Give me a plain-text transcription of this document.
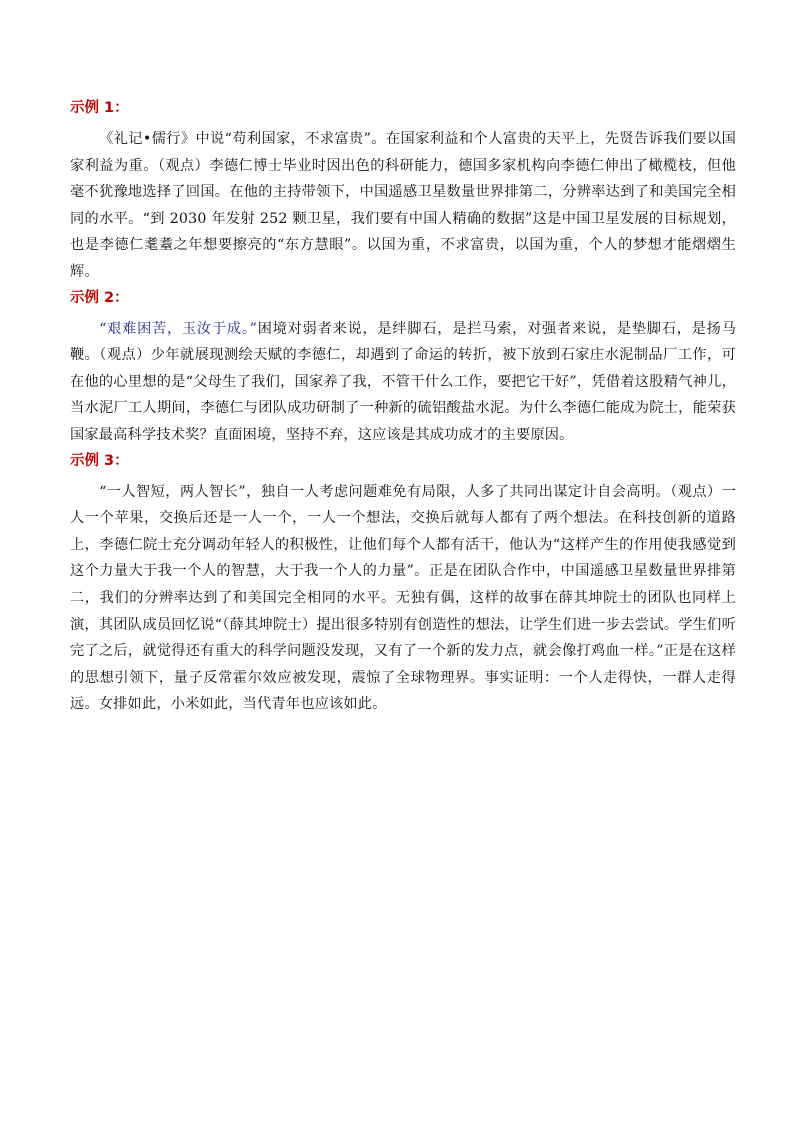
示例 1：

《礼记•儒行》中说“苟利国家，不求富贵”。在国家利益和个人富贵的天平上，先贤告诉我们要以国家利益为重。（观点）李德仁博士毕业时因出色的科研能力，德国多家机构向李德仁伸出了橄榄枝，但他毫不犹豫地选择了回国。在他的主持带领下，中国遥感卫星数量世界排第二，分辨率达到了和美国完全相同的水平。“到 2030 年发射 252 颗卫星，我们要有中国人精确的数据”这是中国卫星发展的目标规划，也是李德仁耄耋之年想要擦亮的“东方慧眼”。以国为重，不求富贵，以国为重，个人的梦想才能熠熠生辉。

示例 2：

“艰难困苦，玉汝于成。”困境对弱者来说，是绊脚石，是拦马索，对强者来说，是垫脚石，是扬马鞭。（观点）少年就展现测绘天赋的李德仁，却遇到了命运的转折，被下放到石家庄水泥制品厂工作，可在他的心里想的是“父母生了我们，国家养了我，不管干什么工作，要把它干好”，凭借着这股精气神儿，当水泥厂工人期间，李德仁与团队成功研制了一种新的硫铝酸盐水泥。为什么李德仁能成为院士，能荣获国家最高科学技术奖？直面困境，坚持不弃，这应该是其成功成才的主要原因。

示例 3：

“一人智短，两人智长”，独自一人考虑问题难免有局限，人多了共同出谋定计自会高明。（观点）一人一个苹果，交换后还是一人一个，一人一个想法，交换后就每人都有了两个想法。在科技创新的道路上，李德仁院士充分调动年轻人的积极性，让他们每个人都有活干，他认为“这样产生的作用使我感觉到这个力量大于我一个人的智慧，大于我一个人的力量”。正是在团队合作中，中国遥感卫星数量世界排第二，我们的分辨率达到了和美国完全相同的水平。无独有偶，这样的故事在薛其坤院士的团队也同样上演，其团队成员回忆说“（薛其坤院士）提出很多特别有创造性的想法，让学生们进一步去尝试。学生们听完了之后，就觉得还有重大的科学问题没发现，又有了一个新的发力点，就会像打鸡血一样。”正是在这样的思想引领下，量子反常霍尔效应被发现，震惊了全球物理界。事实证明：一个人走得快，一群人走得远。女排如此，小米如此，当代青年也应该如此。
